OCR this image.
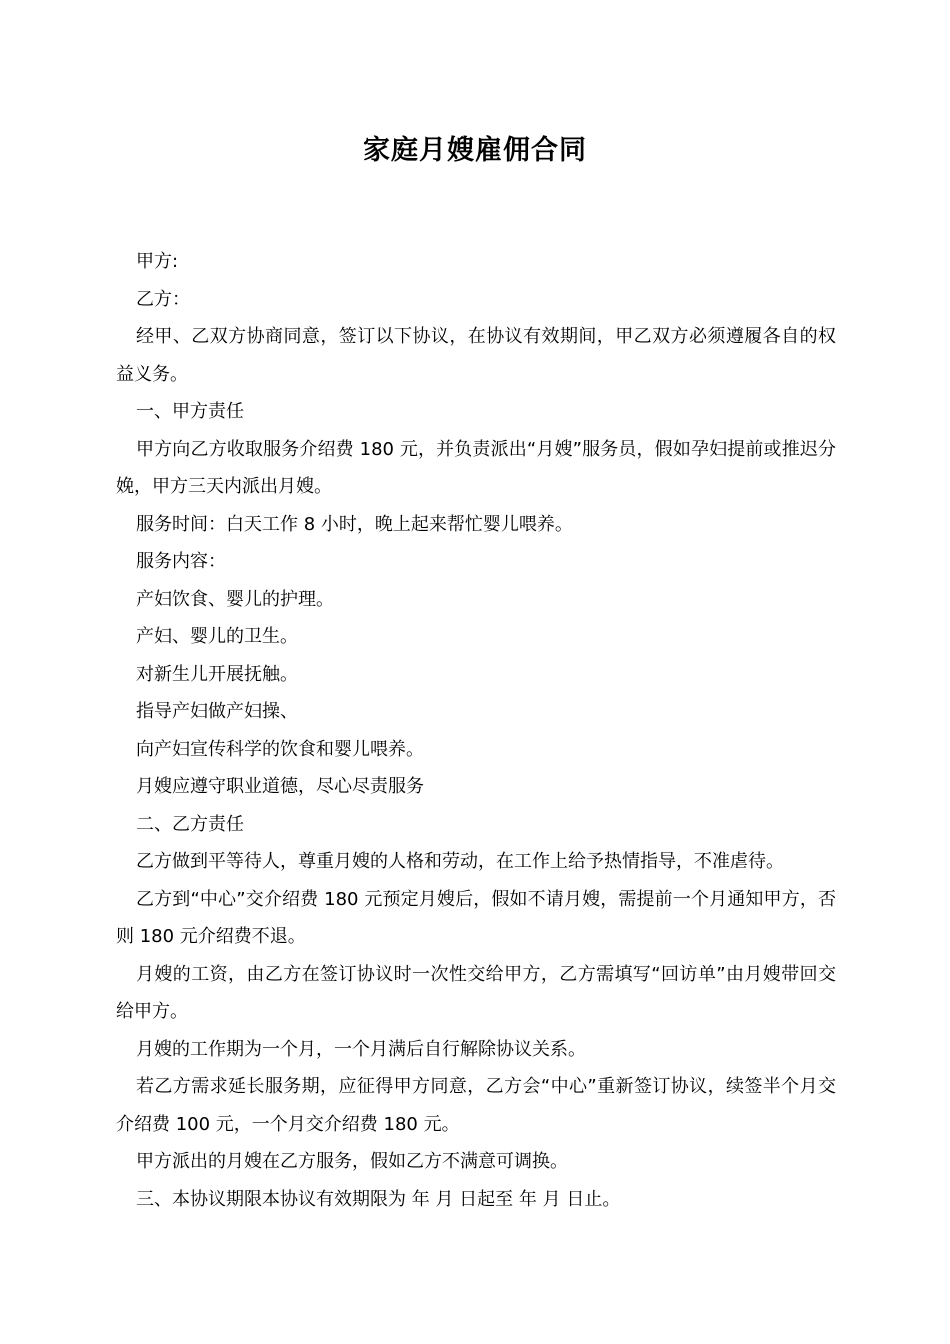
家庭月嫂雇佣合同

甲方:

乙方：

经甲、乙双方协商同意，签订以下协议，在协议有效期间，甲乙双方必须遵履各自的权益义务。

一、甲方责任

甲方向乙方收取服务介绍费 180 元，并负责派出“月嫂”服务员，假如孕妇提前或推迟分娩，甲方三天内派出月嫂。

服务时间：白天工作 8 小时，晚上起来帮忙婴儿喂养。

服务内容：

产妇饮食、婴儿的护理。

产妇、婴儿的卫生。

对新生儿开展抚触。

指导产妇做产妇操、

向产妇宣传科学的饮食和婴儿喂养。

月嫂应遵守职业道德，尽心尽责服务

二、乙方责任

乙方做到平等待人，尊重月嫂的人格和劳动，在工作上给予热情指导，不准虐待。

乙方到“中心”交介绍费 180 元预定月嫂后，假如不请月嫂，需提前一个月通知甲方，否则 180 元介绍费不退。

月嫂的工资，由乙方在签订协议时一次性交给甲方，乙方需填写“回访单”由月嫂带回交给甲方。

月嫂的工作期为一个月，一个月满后自行解除协议关系。

若乙方需求延长服务期，应征得甲方同意，乙方会“中心”重新签订协议，续签半个月交介绍费 100 元，一个月交介绍费 180 元。

甲方派出的月嫂在乙方服务，假如乙方不满意可调换。

三、本协议期限本协议有效期限为 年 月 日起至 年 月 日止。
